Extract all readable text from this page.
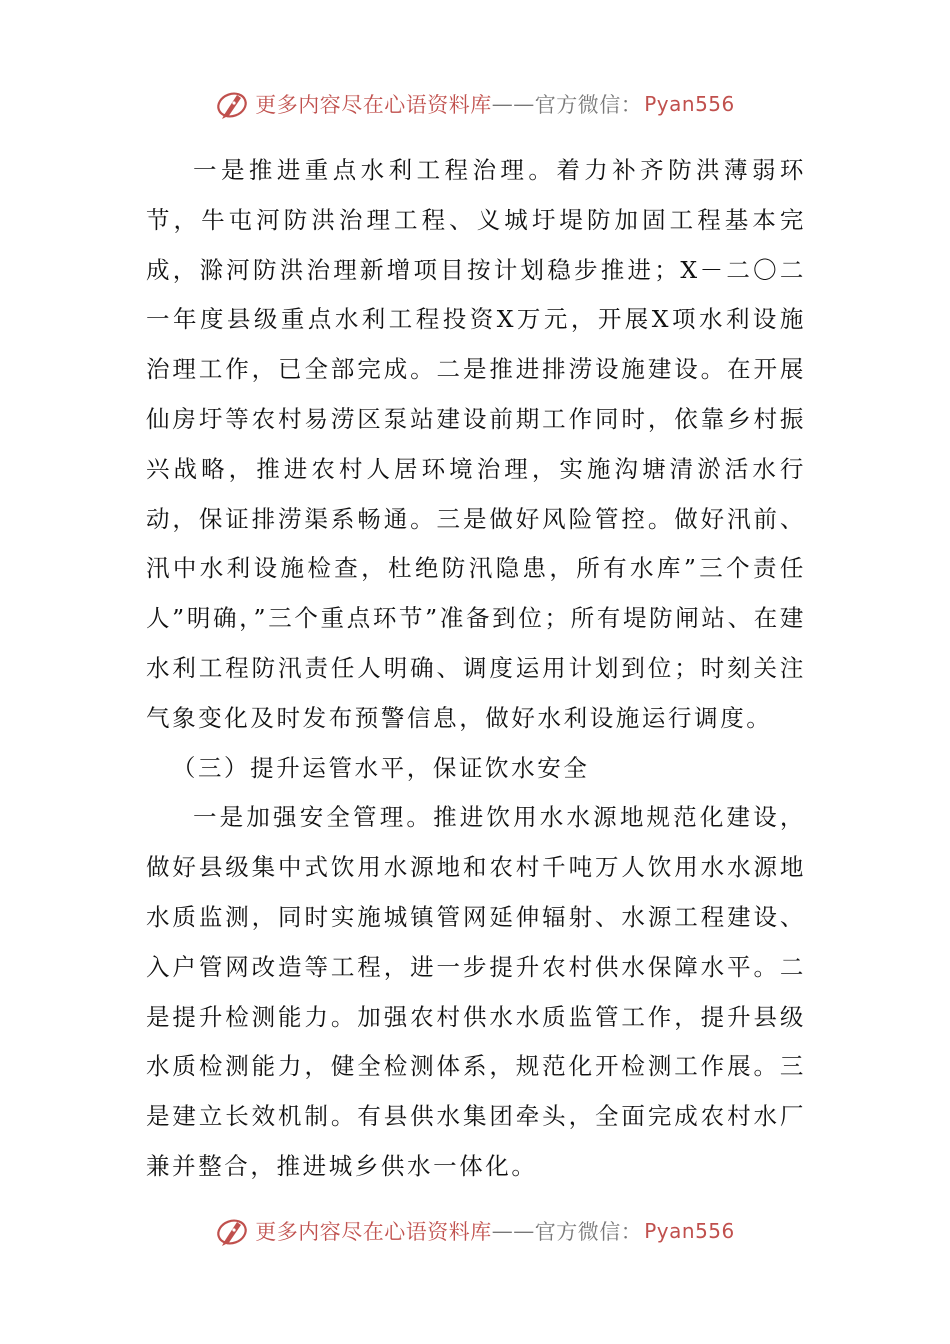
更多内容尽在心语资料库 —— 官方微信： Pyan556

一是推进重点水利工程治理。着力补齐防洪薄弱环节，牛屯河防洪治理工程、义城圩堤防加固工程基本完成，滁河防洪治理新增项目按计划稳步推进；X－二〇二一年度县级重点水利工程投资X万元，开展X项水利设施治理工作，已全部完成。二是推进排涝设施建设。在开展仙房圩等农村易涝区泵站建设前期工作同时，依靠乡村振兴战略，推进农村人居环境治理，实施沟塘清淤活水行动，保证排涝渠系畅通。三是做好风险管控。做好汛前、汛中水利设施检查，杜绝防汛隐患，所有水库”三个责任人”明确，”三个重点环节”准备到位；所有堤防闸站、在建水利工程防汛责任人明确、调度运用计划到位；时刻关注气象变化及时发布预警信息，做好水利设施运行调度。

（三）提升运管水平，保证饮水安全

一是加强安全管理。推进饮用水水源地规范化建设，做好县级集中式饮用水源地和农村千吨万人饮用水水源地水质监测，同时实施城镇管网延伸辐射、水源工程建设、入户管网改造等工程，进一步提升农村供水保障水平。二是提升检测能力。加强农村供水水质监管工作，提升县级水质检测能力，健全检测体系，规范化开检测工作展。三是建立长效机制。有县供水集团牵头，全面完成农村水厂兼并整合，推进城乡供水一体化。

更多内容尽在心语资料库 —— 官方微信： Pyan556
